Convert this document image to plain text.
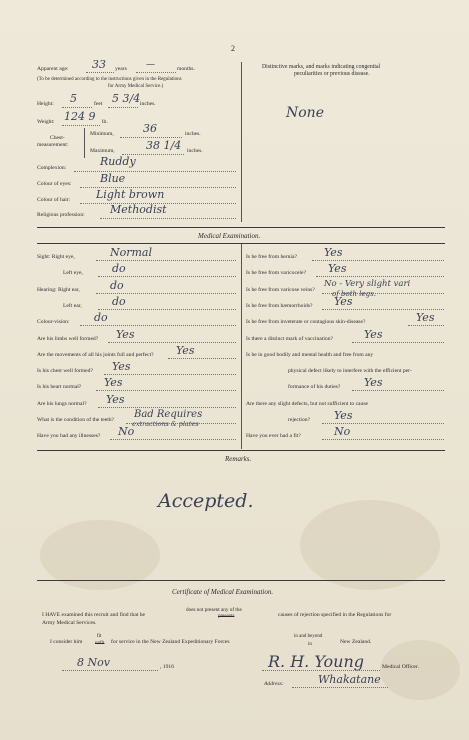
2
Apparent age: 33 years —	months.
(To be determined according to the instructions given in the Regulations
for Army Medical Service.)
Height: 5	feet 5 3/4 inches.
Weight: 124 9 lb.
Chest-
measurement:
Minimum,	36	inches.
Maximum,	38 1/4 inches.
Complexion:	Ruddy
Colour of eyes:	Blue
Colour of hair: Light brown
Religious profession: Methodist
Distinctive marks, and marks indicating congenital
peculiarities or previous disease.
None
Medical Examination.
Remarks.
Accepted.
Certificate of Medical Examination.
I HAVE examined this recruit and find that he
does not present any of the
presents	causes of rejection specified in the Regulations for
Army Medical Services.
I consider him
fit
unfit for service in the New Zealand Expeditionary Forces
in and beyond
in	New Zealand.
8 Nov	, 1916	R. H. Young	Medical Officer.
Address:	Whakatane
Sight: Right eye,	Normal
Left eye,	do
Hearing: Right ear,	do
Left ear,	do
Colour-vision: do
Are his limbs well formed? Yes
Are the movements of all his joints full and perfect? Yes
Is his chest well formed? Yes
Is his heart normal? Yes
Are his lungs normal? Yes
What is the condition of the teeth? Bad Requires
extractions & plates
Have you had any illnesses? No
Is he free from hernia? Yes
Is he free from varicocele? Yes
Is he free from varicose veins?
No - Very slight vari
of both legs.
Is he free from hæmorrhoids? Yes
Is he free from inveterate or contagious skin-disease?	Yes
Is there a distinct mark of vaccination?	Yes
Is he in good bodily and mental health and free from any
physical defect likely to interfere with the efficient per-
formance of his duties? Yes
Are there any slight defects, but not sufficient to cause
rejection? Yes
Have you ever had a fit?	No
